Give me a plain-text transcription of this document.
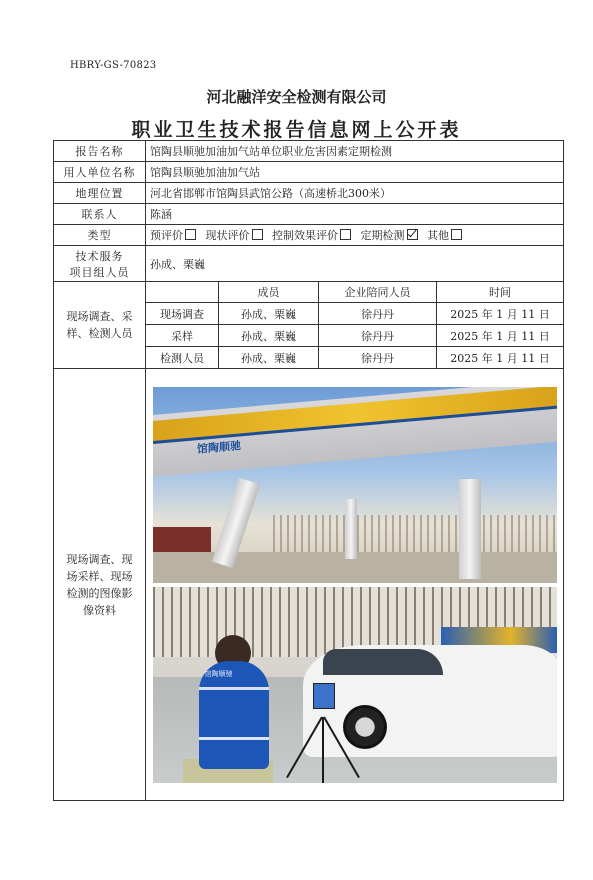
HBRY-GS-70823
河北融洋安全检测有限公司
职业卫生技术报告信息网上公开表
报告名称	馆陶县顺驰加油加气站单位职业危害因素定期检测			
用人单位名称	馆陶县顺驰加油加气站			
地理位置	河北省邯郸市馆陶县武馆公路（高速桥北300米）			
联系人	陈涵			
类型	预评价 现状评价 控制效果评价 定期检测 其他			
技术服务
项目组人员	孙成、栗巍			
现场调查、采样、检测人员		成员	企业陪同人员	时间
	现场调查	孙成、栗巍	徐丹丹	2025 年 1 月 11 日
	采样	孙成、栗巍	徐丹丹	2025 年 1 月 11 日
	检测人员	孙成、栗巍	徐丹丹	2025 年 1 月 11 日
现场调查、现场采样、现场检测的图像影像资料	馆陶顺驰
馆陶顺驰			
